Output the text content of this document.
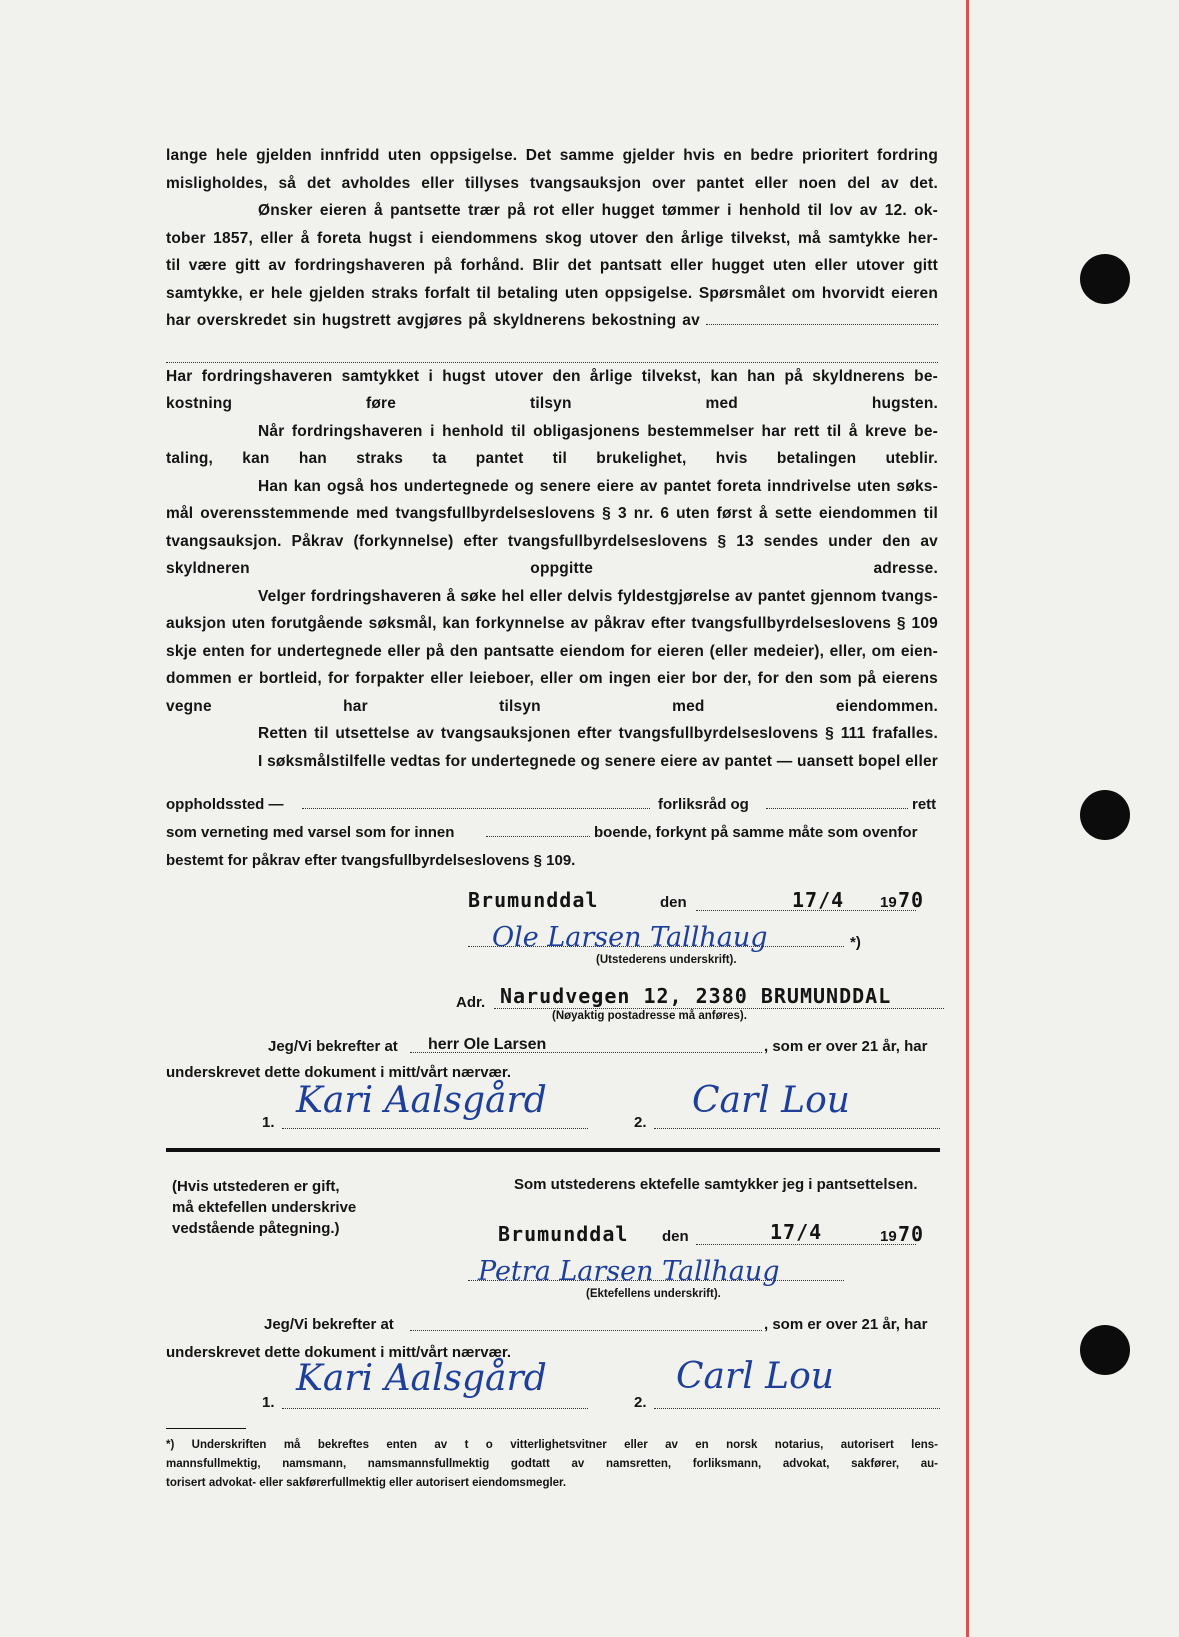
lange hele gjelden innfridd uten oppsigelse. Det samme gjelder hvis en bedre prioritert fordring
misligholdes, så det avholdes eller tillyses tvangsauksjon over pantet eller noen del av det.

Ønsker eieren å pantsette trær på rot eller hugget tømmer i henhold til lov av 12. ok-
tober 1857, eller å foreta hugst i eiendommens skog utover den årlige tilvekst, må samtykke her-
til være gitt av fordringshaveren på forhånd. Blir det pantsatt eller hugget uten eller utover gitt
samtykke, er hele gjelden straks forfalt til betaling uten oppsigelse. Spørsmålet om hvorvidt eieren
har overskredet sin hugstrett avgjøres på skyldnerens bekostning av

Har fordringshaveren samtykket i hugst utover den årlige tilvekst, kan han på skyldnerens be-
kostning føre tilsyn med hugsten.

Når fordringshaveren i henhold til obligasjonens bestemmelser har rett til å kreve be-
taling, kan han straks ta pantet til brukelighet, hvis betalingen uteblir.

Han kan også hos undertegnede og senere eiere av pantet foreta inndrivelse uten søks-
mål overensstemmende med tvangsfullbyrdelseslovens § 3 nr. 6 uten først å sette eiendommen til
tvangsauksjon. Påkrav (forkynnelse) efter tvangsfullbyrdelseslovens § 13 sendes under den av
skyldneren oppgitte adresse.

Velger fordringshaveren å søke hel eller delvis fyldestgjørelse av pantet gjennom tvangs-
auksjon uten forutgående søksmål, kan forkynnelse av påkrav efter tvangsfullbyrdelseslovens § 109
skje enten for undertegnede eller på den pantsatte eiendom for eieren (eller medeier), eller, om eien-
dommen er bortleid, for forpakter eller leieboer, eller om ingen eier bor der, for den som på eierens
vegne har tilsyn med eiendommen.

Retten til utsettelse av tvangsauksjonen efter tvangsfullbyrdelseslovens § 111 frafalles.

I søksmålstilfelle vedtas for undertegnede og senere eiere av pantet — uansett bopel eller

oppholdssted —	forliksråd og	rett
som verneting med varsel som for innen	boende, forkynt på samme måte som ovenfor
bestemt for påkrav efter tvangsfullbyrdelseslovens § 109.
Brumunddal	den	17/4 19 70
Ole Larsen Tallhaug	*)
(Utstederens underskrift).
Adr. Narudvegen 12, 2380 BRUMUNDDAL
(Nøyaktig postadresse må anføres).
Jeg/Vi bekrefter at herr Ole Larsen	, som er over 21 år, har
underskrevet dette dokument i mitt/vårt nærvær.
1.
Kari Aalsgård
2.
Carl Lou
(Hvis utstederen er gift,
må ektefellen underskrive
vedstående påtegning.)
Som utstederens ektefelle samtykker jeg i pantsettelsen.
Brumunddal den	17/4	19 70
Petra Larsen Tallhaug
(Ektefellens underskrift).
Jeg/Vi bekrefter at	, som er over 21 år, har
underskrevet dette dokument i mitt/vårt nærvær.
1.
Kari Aalsgård
2.
Carl Lou

*) Underskriften må bekreftes enten av t o vitterlighetsvitner eller av en norsk notarius, autorisert lens-

mannsfullmektig, namsmann, namsmannsfullmektig godtatt av namsretten, forliksmann, advokat, sakfører, au-

torisert advokat- eller sakførerfullmektig eller autorisert eiendomsmegler.
